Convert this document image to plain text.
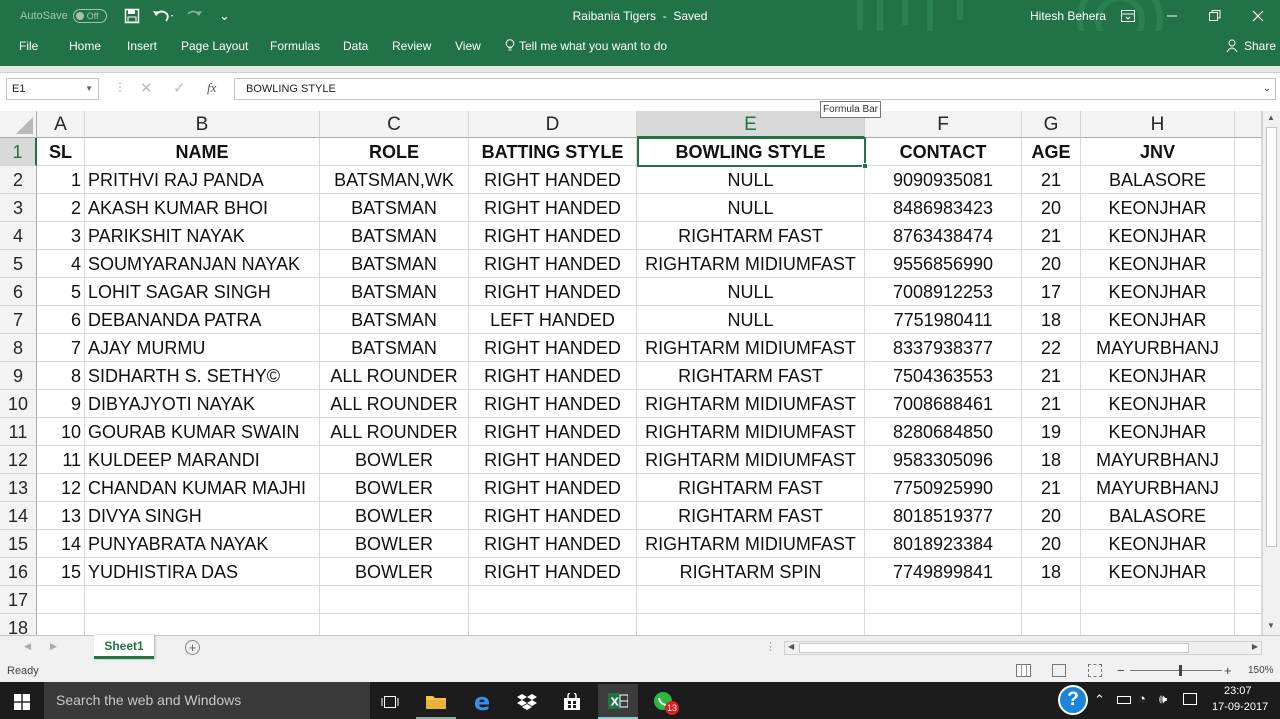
AutoSave	Off	⌄	Raibania Tigers  -  Saved	Hitesh Behera
File	Home Insert Page Layout Formulas Data Review View	Tell me what you want to do	Share
E1	▼ ⋮ ✕ ✓ fx	BOWLING STYLE	⌄
Formula Bar
A	B	C	D	E	F	G	H
1
2
3
4
5
6
7
8
9
10
11
12
13
14
15
16
17
18
SL	NAME	ROLE	BATTING STYLE	BOWLING STYLE	CONTACT	AGE	JNV
1 PRITHVI RAJ PANDA	BATSMAN,WK	RIGHT HANDED	NULL	9090935081	21	BALASORE
2 AKASH KUMAR BHOI	BATSMAN	RIGHT HANDED	NULL	8486983423	20	KEONJHAR
3 PARIKSHIT NAYAK	BATSMAN	RIGHT HANDED	RIGHTARM FAST	8763438474	21	KEONJHAR
4 SOUMYARANJAN NAYAK	BATSMAN	RIGHT HANDED	RIGHTARM MIDIUMFAST	9556856990	20	KEONJHAR
5 LOHIT SAGAR SINGH	BATSMAN	RIGHT HANDED	NULL	7008912253	17	KEONJHAR
6 DEBANANDA PATRA	BATSMAN	LEFT HANDED	NULL	7751980411	18	KEONJHAR
7 AJAY MURMU	BATSMAN	RIGHT HANDED	RIGHTARM MIDIUMFAST	8337938377	22	MAYURBHANJ
8 SIDHARTH S. SETHY©	ALL ROUNDER	RIGHT HANDED	RIGHTARM FAST	7504363553	21	KEONJHAR
9 DIBYAJYOTI NAYAK	ALL ROUNDER	RIGHT HANDED	RIGHTARM MIDIUMFAST	7008688461	21	KEONJHAR
10 GOURAB KUMAR SWAIN	ALL ROUNDER	RIGHT HANDED	RIGHTARM MIDIUMFAST	8280684850	19	KEONJHAR
11 KULDEEP MARANDI	BOWLER	RIGHT HANDED	RIGHTARM MIDIUMFAST	9583305096	18	MAYURBHANJ
12 CHANDAN KUMAR MAJHI	BOWLER	RIGHT HANDED	RIGHTARM FAST	7750925990	21	MAYURBHANJ
13 DIVYA SINGH	BOWLER	RIGHT HANDED	RIGHTARM FAST	8018519377	20	BALASORE
14 PUNYABRATA NAYAK	BOWLER	RIGHT HANDED	RIGHTARM MIDIUMFAST	8018923384	20	KEONJHAR
15 YUDHISTIRA DAS	BOWLER	RIGHT HANDED	RIGHTARM SPIN	7749899841	18	KEONJHAR
▲
▼
◀ ▶	Sheet1	+	⋮ ◀	▶
Ready	−	+ 150%
Search the web and Windows	e	X	13	?	⌃	◔ 🕪	23:07
17-09-2017
